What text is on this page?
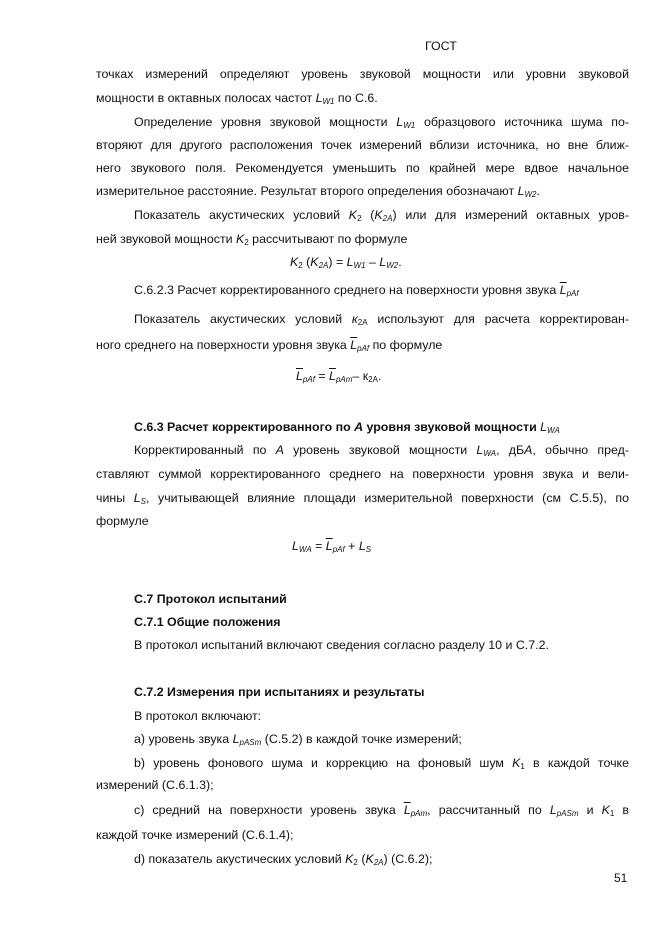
ГОСТ
точках измерений определяют уровень звуковой мощности или уровни звуковой
мощности в октавных полосах частот $L_{W1}$ по С.6.
Определение уровня звуковой мощности $L_{W1}$ образцового источника шума по-
вторяют для другого расположения точек измерений вблизи источника, но вне ближ-
него звукового поля. Рекомендуется уменьшить по крайней мере вдвое начальное
измерительное расстояние. Результат второго определения обозначают $L_{W2}$.
Показатель акустических условий $K_2$ $(K_{2A})$ или для измерений октавных уров-
ней звуковой мощности $K_2$ рассчитывают по формуле
$K_2$ $(K_{2A}) = L_{W1} - L_{W2}$.
С.6.2.3 Расчет корректированного среднего на поверхности уровня звука $\overline{L}_{pAf}$
Показатель акустических условий $к_{2A}$ используют для расчета корректирован-
ного среднего на поверхности уровня звука $\overline{L}_{pAf}$ по формуле
$\overline{L}_{pAf} = \overline{L}_{pAm}-$ $к_{2A}$.
С.6.3 Расчет корректированного по A уровня звуковой мощности $L_{WA}$
Корректированный по A уровень звуковой мощности $L_{WA}$, дБA, обычно пред-
ставляют суммой корректированного среднего на поверхности уровня звука и вели-
чины $L_S$, учитывающей влияние площади измерительной поверхности (см С.5.5), по
формуле
$L_{WA} = \overline{L}_{pAf} + L_S$
С.7 Протокол испытаний
С.7.1 Общие положения
В протокол испытаний включают сведения согласно разделу 10 и С.7.2.
С.7.2 Измерения при испытаниях и результаты
В протокол включают:
а) уровень звука $L_{pASm}$ (С.5.2) в каждой точке измерений;
b) уровень фонового шума и коррекцию на фоновый шум $K_1$ в каждой точке
измерений (С.6.1.3);
с) средний на поверхности уровень звука $\overline{L}_{pAm}$, рассчитанный по $L_{pASm}$ и $K_1$ в
каждой точке измерений (С.6.1.4);
d) показатель акустических условий $K_2$ $(K_{2A})$ (С.6.2);
51
